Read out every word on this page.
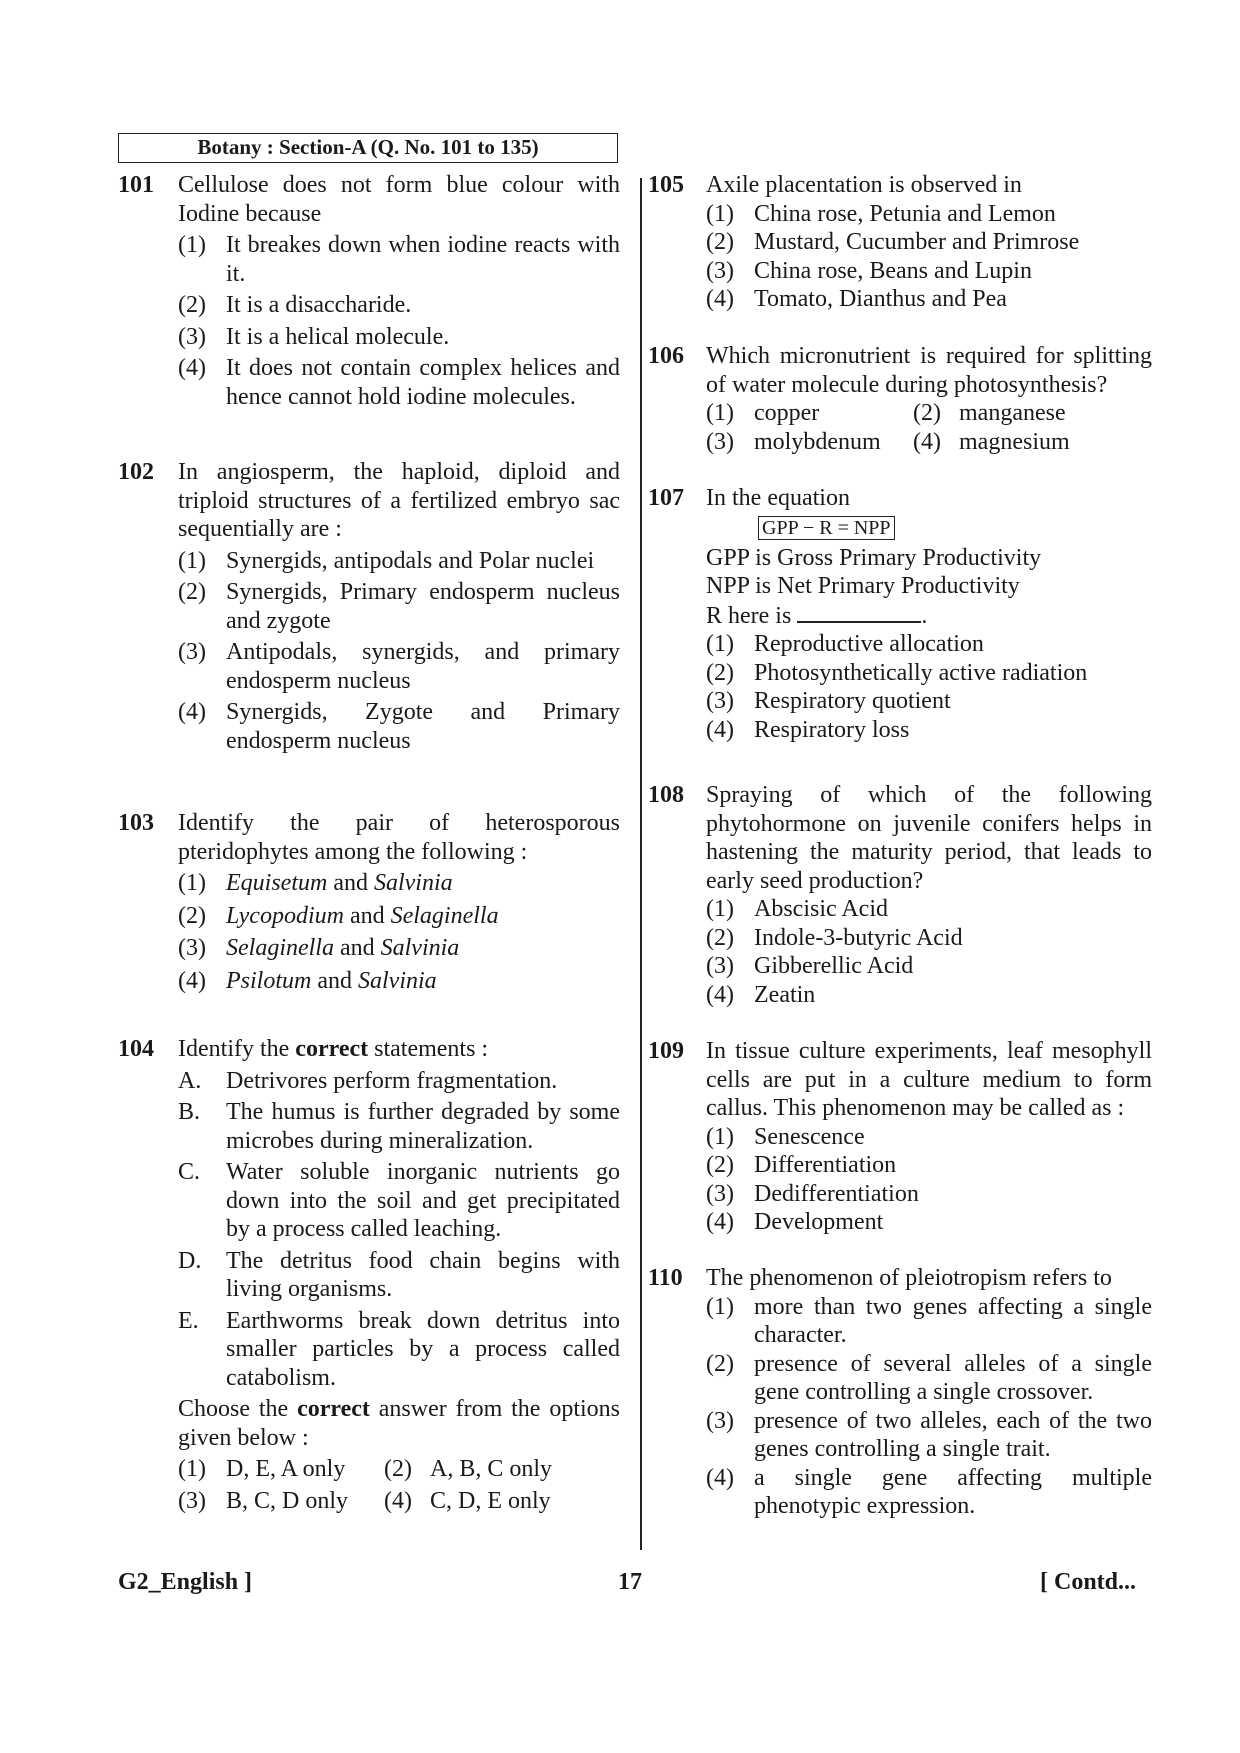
Botany : Section-A (Q. No. 101 to 135)
101 Cellulose does not form blue colour with Iodine because
(1) It breakes down when iodine reacts with it.
(2) It is a disaccharide.
(3) It is a helical molecule.
(4) It does not contain complex helices and hence cannot hold iodine molecules.
102 In angiosperm, the haploid, diploid and triploid structures of a fertilized embryo sac sequentially are :
(1) Synergids, antipodals and Polar nuclei
(2) Synergids, Primary endosperm nucleus and zygote
(3) Antipodals, synergids, and primary endosperm nucleus
(4) Synergids, Zygote and Primary endosperm nucleus
103 Identify the pair of heterosporous pteridophytes among the following :
(1) Equisetum and Salvinia
(2) Lycopodium and Selaginella
(3) Selaginella and Salvinia
(4) Psilotum and Salvinia
104 Identify the correct statements :
A. Detrivores perform fragmentation.
B. The humus is further degraded by some microbes during mineralization.
C. Water soluble inorganic nutrients go down into the soil and get precipitated by a process called leaching.
D. The detritus food chain begins with living organisms.
E. Earthworms break down detritus into smaller particles by a process called catabolism.
Choose the correct answer from the options given below :
(1) D, E, A only	(2) A, B, C only
(3) B, C, D only	(4) C, D, E only
105 Axile placentation is observed in
(1) China rose, Petunia and Lemon
(2) Mustard, Cucumber and Primrose
(3) China rose, Beans and Lupin
(4) Tomato, Dianthus and Pea
106 Which micronutrient is required for splitting of water molecule during photosynthesis?
(1) copper	(2) manganese
(3) molybdenum	(4) magnesium
107 In the equation
GPP − R = NPP
GPP is Gross Primary Productivity
NPP is Net Primary Productivity
R here is	.
(1) Reproductive allocation
(2) Photosynthetically active radiation
(3) Respiratory quotient
(4) Respiratory loss
108 Spraying of which of the following phytohormone on juvenile conifers helps in hastening the maturity period, that leads to early seed production?
(1) Abscisic Acid
(2) Indole-3-butyric Acid
(3) Gibberellic Acid
(4) Zeatin
109 In tissue culture experiments, leaf mesophyll cells are put in a culture medium to form callus. This phenomenon may be called as :
(1) Senescence
(2) Differentiation
(3) Dedifferentiation
(4) Development
110 The phenomenon of pleiotropism refers to
(1) more than two genes affecting a single character.
(2) presence of several alleles of a single gene controlling a single crossover.
(3) presence of two alleles, each of the two genes controlling a single trait.
(4) a single gene affecting multiple phenotypic expression.
G2_English ]	17	[ Contd...
